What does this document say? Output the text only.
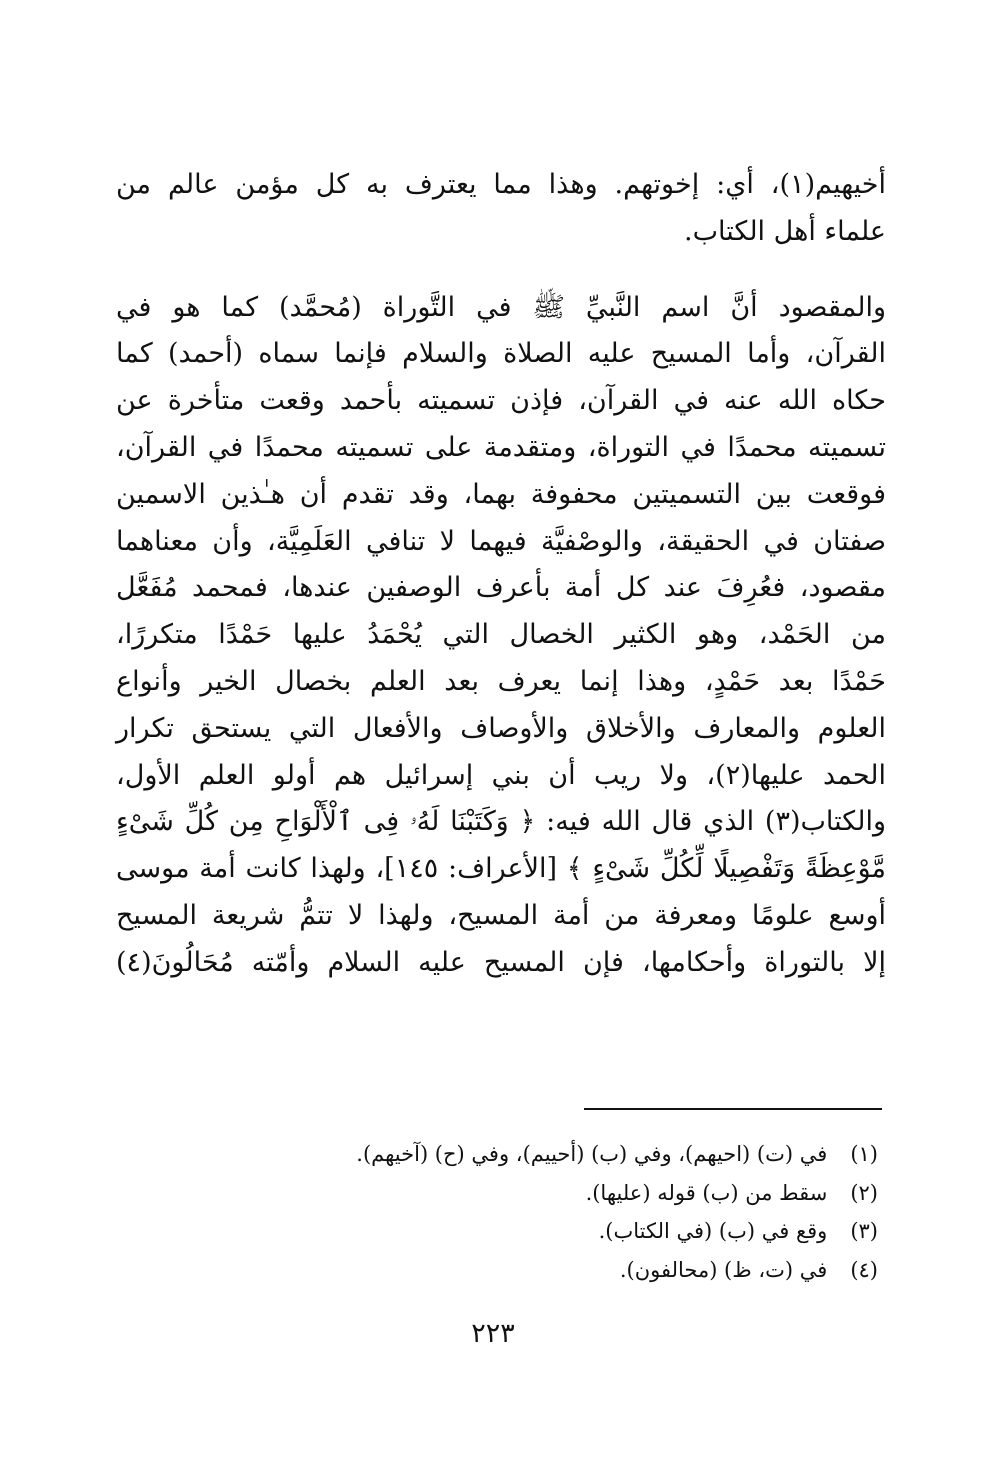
أخيهيم(١)، أي: إخوتهم. وهذا مما يعترف به كل مؤمن عالم من
علماء أهل الكتاب.
والمقصود أنَّ اسم النَّبيِّ ﷺ في التَّوراة (مُحمَّد) كما هو في
القرآن، وأما المسيح عليه الصلاة والسلام فإنما سماه (أحمد) كما
حكاه الله عنه في القرآن، فإذن تسميته بأحمد وقعت متأخرة عن
تسميته محمدًا في التوراة، ومتقدمة على تسميته محمدًا في القرآن،
فوقعت بين التسميتين محفوفة بهما، وقد تقدم أن هـٰذين الاسمين
صفتان في الحقيقة، والوصْفيَّة فيهما لا تنافي العَلَمِيَّة، وأن معناهما
مقصود، فعُرِفَ عند كل أمة بأعرف الوصفين عندها، فمحمد مُفَعَّل
من الحَمْد، وهو الكثير الخصال التي يُحْمَدُ عليها حَمْدًا متكررًا،
حَمْدًا بعد حَمْدٍ، وهذا إنما يعرف بعد العلم بخصال الخير وأنواع
العلوم والمعارف والأخلاق والأوصاف والأفعال التي يستحق تكرار
الحمد عليها(٢)، ولا ريب أن بني إسرائيل هم أولو العلم الأول،
والكتاب(٣) الذي قال الله فيه: ﴿ وَكَتَبْنَا لَهُۥ فِى ٱلْأَلْوَاحِ مِن كُلِّ شَىْءٍ
مَّوْعِظَةً وَتَفْصِيلًا لِّكُلِّ شَىْءٍ ﴾ [الأعراف: ١٤٥]، ولهذا كانت أمة موسى
أوسع علومًا ومعرفة من أمة المسيح، ولهذا لا تتمُّ شريعة المسيح
إلا بالتوراة وأحكامها، فإن المسيح عليه السلام وأمّته مُحَالُونَ(٤)
(١) في (ت) (احيهم)، وفي (ب) (أحييم)، وفي (ح) (آخيهم).
(٢) سقط من (ب) قوله (عليها).
(٣) وقع في (ب) (في الكتاب).
(٤) في (ت، ظ) (محالفون).
٢٢٣
